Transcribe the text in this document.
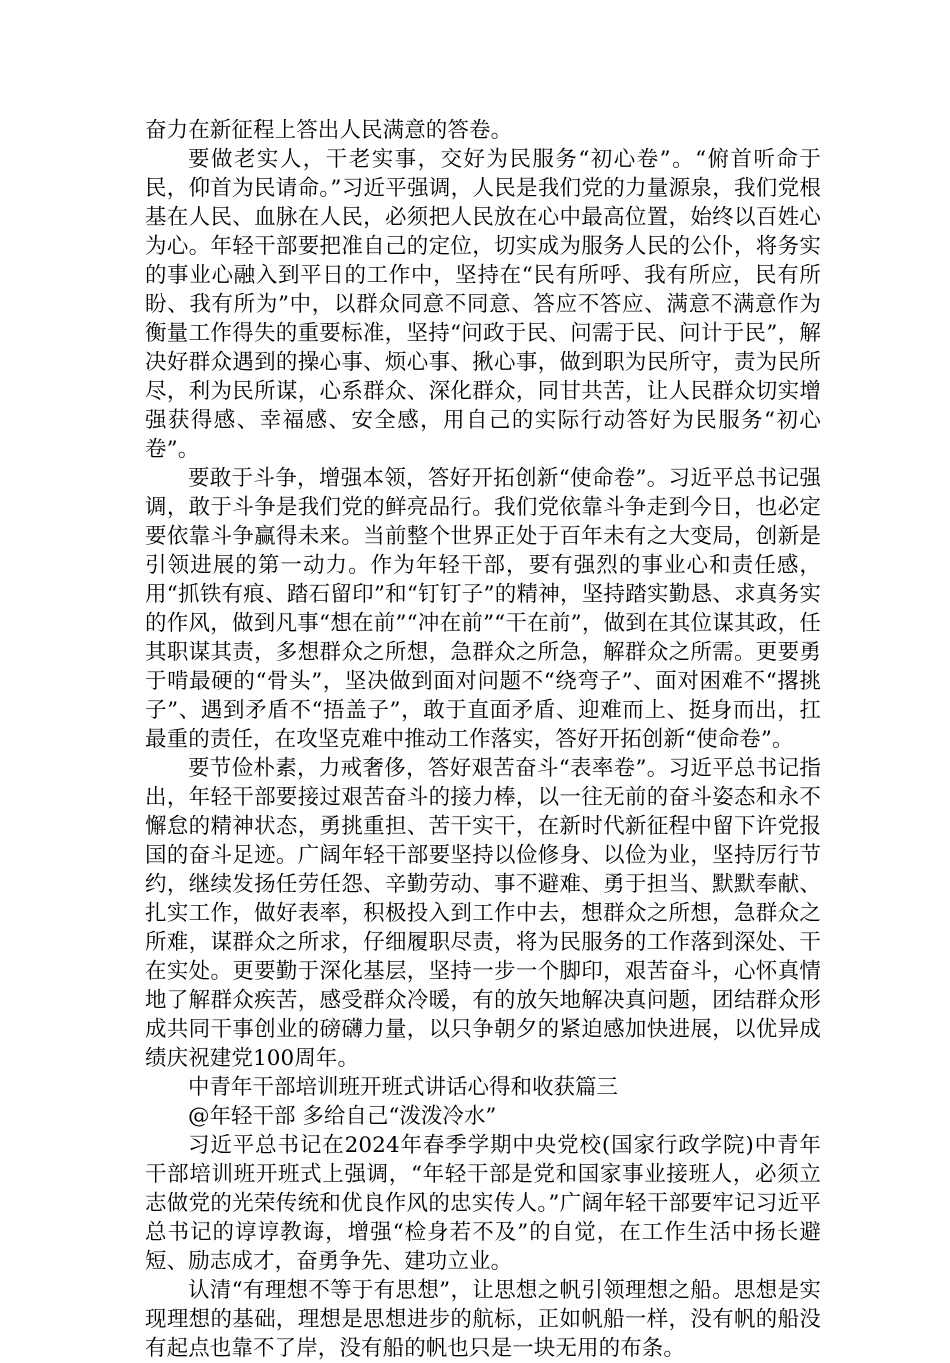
奋力在新征程上答出人民满意的答卷。

要做老实人，干老实事，交好为民服务“初心卷”。“俯首听命于民，仰首为民请命。”习近平强调，人民是我们党的力量源泉，我们党根基在人民、血脉在人民，必须把人民放在心中最高位置，始终以百姓心为心。年轻干部要把准自己的定位，切实成为服务人民的公仆，将务实的事业心融入到平日的工作中，坚持在“民有所呼、我有所应，民有所盼、我有所为”中，以群众同意不同意、答应不答应、满意不满意作为衡量工作得失的重要标准，坚持“问政于民、问需于民、问计于民”，解决好群众遇到的操心事、烦心事、揪心事，做到职为民所守，责为民所尽，利为民所谋，心系群众、深化群众，同甘共苦，让人民群众切实增强获得感、幸福感、安全感，用自己的实际行动答好为民服务“初心卷”。

要敢于斗争，增强本领，答好开拓创新“使命卷”。习近平总书记强调，敢于斗争是我们党的鲜亮品行。我们党依靠斗争走到今日，也必定要依靠斗争赢得未来。当前整个世界正处于百年未有之大变局，创新是引领进展的第一动力。作为年轻干部，要有强烈的事业心和责任感，用“抓铁有痕、踏石留印”和“钉钉子”的精神，坚持踏实勤恳、求真务实的作风，做到凡事“想在前”“冲在前”“干在前”，做到在其位谋其政，任其职谋其责，多想群众之所想，急群众之所急，解群众之所需。更要勇于啃最硬的“骨头”，坚决做到面对问题不“绕弯子”、面对困难不“撂挑子”、遇到矛盾不“捂盖子”，敢于直面矛盾、迎难而上、挺身而出，扛最重的责任，在攻坚克难中推动工作落实，答好开拓创新“使命卷”。

要节俭朴素，力戒奢侈，答好艰苦奋斗“表率卷”。习近平总书记指出，年轻干部要接过艰苦奋斗的接力棒，以一往无前的奋斗姿态和永不懈怠的精神状态，勇挑重担、苦干实干，在新时代新征程中留下许党报国的奋斗足迹。广阔年轻干部要坚持以俭修身、以俭为业，坚持厉行节约，继续发扬任劳任怨、辛勤劳动、事不避难、勇于担当、默默奉献、扎实工作，做好表率，积极投入到工作中去，想群众之所想，急群众之所难，谋群众之所求，仔细履职尽责，将为民服务的工作落到深处、干在实处。更要勤于深化基层，坚持一步一个脚印，艰苦奋斗，心怀真情地了解群众疾苦，感受群众冷暖，有的放矢地解决真问题，团结群众形成共同干事创业的磅礴力量，以只争朝夕的紧迫感加快进展，以优异成绩庆祝建党100周年。

中青年干部培训班开班式讲话心得和收获篇三

@年轻干部 多给自己“泼泼冷水”

习近平总书记在2024年春季学期中央党校(国家行政学院)中青年干部培训班开班式上强调，“年轻干部是党和国家事业接班人，必须立志做党的光荣传统和优良作风的忠实传人。”广阔年轻干部要牢记习近平总书记的谆谆教诲，增强“检身若不及”的自觉，在工作生活中扬长避短、励志成才，奋勇争先、建功立业。

认清“有理想不等于有思想”，让思想之帆引领理想之船。思想是实现理想的基础，理想是思想进步的航标，正如帆船一样，没有帆的船没有起点也靠不了岸，没有船的帆也只是一块无用的布条。
